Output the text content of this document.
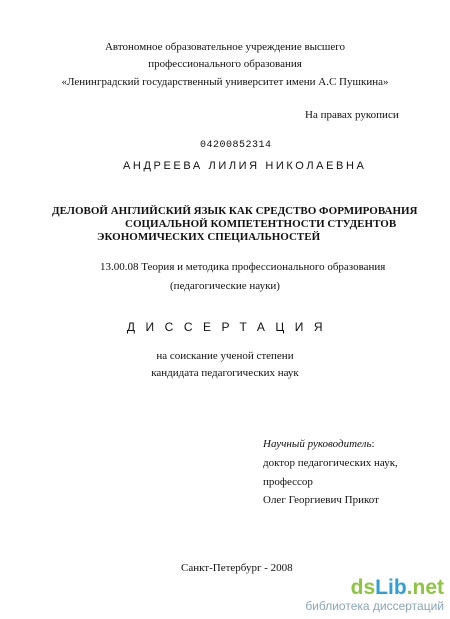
Автономное образовательное учреждение высшего
профессионального образования
«Ленинградский государственный университет имени А.С Пушкина»
На правах рукописи
04200852314
АНДРЕЕВА ЛИЛИЯ НИКОЛАЕВНА
ДЕЛОВОЙ АНГЛИЙСКИЙ ЯЗЫК КАК СРЕДСТВО ФОРМИРОВАНИЯ
СОЦИАЛЬНОЙ КОМПЕТЕНТНОСТИ СТУДЕНТОВ
ЭКОНОМИЧЕСКИХ СПЕЦИАЛЬНОСТЕЙ
13.00.08 Теория и методика профессионального образования
(педагогические науки)
ДИССЕРТАЦИЯ
на соискание ученой степени
кандидата педагогических наук
Научный руководитель:
доктор педагогических наук,
профессор
Олег Георгиевич Прикот
Санкт-Петербург - 2008
dsLib.net
библиотека диссертаций
